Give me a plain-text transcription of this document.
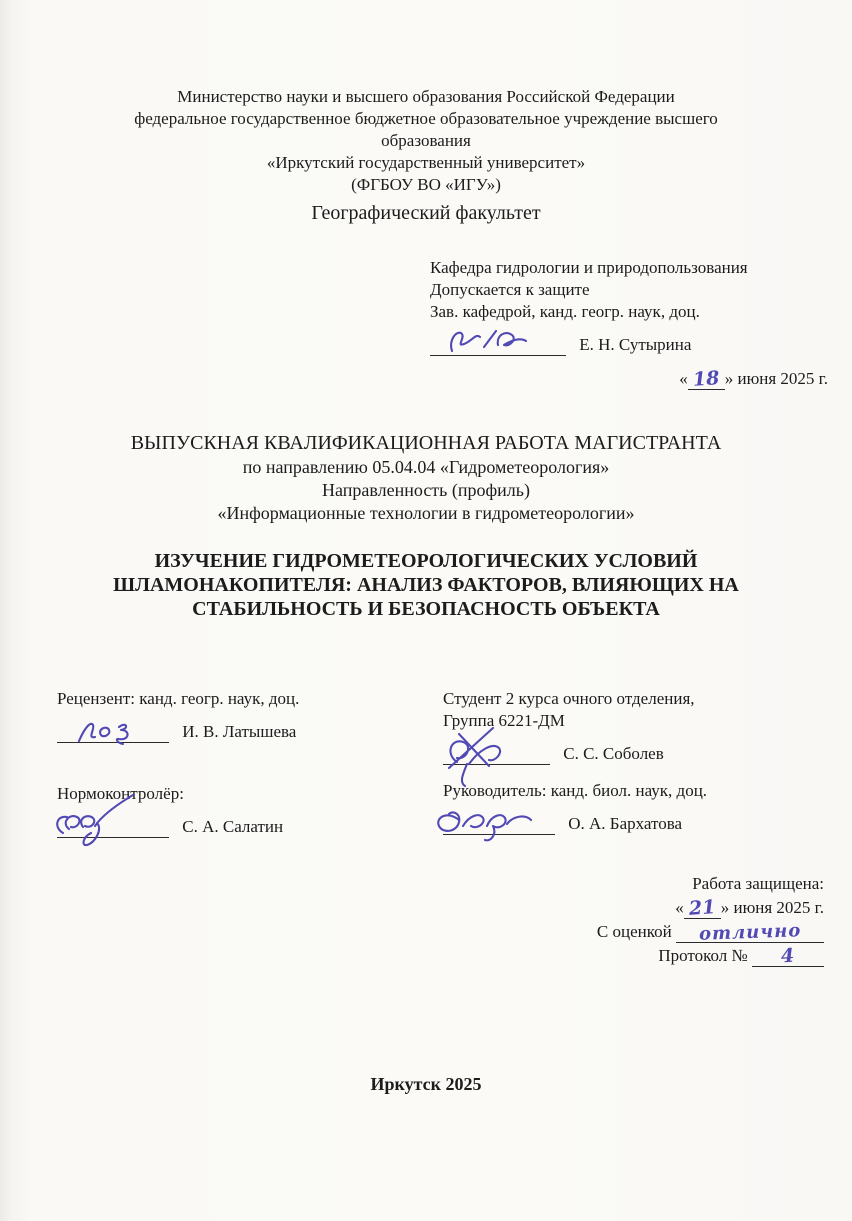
Министерство науки и высшего образования Российской Федерации
федеральное государственное бюджетное образовательное учреждение высшего
образования
«Иркутский государственный университет»
(ФГБОУ ВО «ИГУ»)
Географический факультет
Кафедра гидрологии и природопользования
Допускается к защите
Зав. кафедрой, канд. геогр. наук, доц.
Е. Н. Сутырина
« 18 » июня 2025 г.
ВЫПУСКНАЯ КВАЛИФИКАЦИОННАЯ РАБОТА МАГИСТРАНТА
по направлению 05.04.04 «Гидрометеорология»
Направленность (профиль)
«Информационные технологии в гидрометеорологии»
ИЗУЧЕНИЕ ГИДРОМЕТЕОРОЛОГИЧЕСКИХ УСЛОВИЙ
ШЛАМОНАКОПИТЕЛЯ: АНАЛИЗ ФАКТОРОВ, ВЛИЯЮЩИХ НА
СТАБИЛЬНОСТЬ И БЕЗОПАСНОСТЬ ОБЪЕКТА
Рецензент: канд. геогр. наук, доц.
И. В. Латышева
Нормоконтролёр:
С. А. Салатин
Студент 2 курса очного отделения,
Группа 6221-ДМ
С. С. Соболев
Руководитель: канд. биол. наук, доц.
О. А. Бархатова
Работа защищена:
« 21 » июня 2025 г.
С оценкой отлично
Протокол № 4
Иркутск 2025
